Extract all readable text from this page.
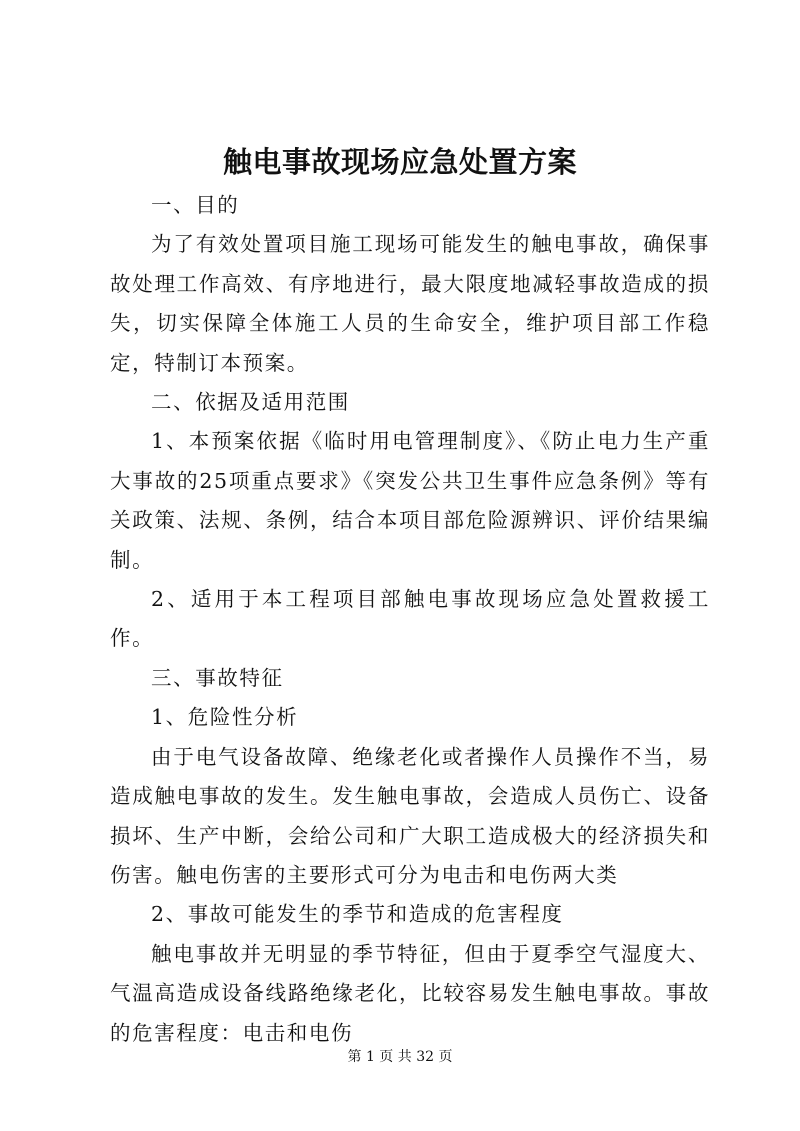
触电事故现场应急处置方案

一、目的

为了有效处置项目施工现场可能发生的触电事故，确保事故处理工作高效、有序地进行，最大限度地减轻事故造成的损失，切实保障全体施工人员的生命安全，维护项目部工作稳定，特制订本预案。

二、依据及适用范围

1、本预案依据《临时用电管理制度》、《防止电力生产重大事故的25项重点要求》《突发公共卫生事件应急条例》等有关政策、法规、条例，结合本项目部危险源辨识、评价结果编制。

2、适用于本工程项目部触电事故现场应急处置救援工作。

三、事故特征

1、危险性分析

由于电气设备故障、绝缘老化或者操作人员操作不当，易造成触电事故的发生。发生触电事故，会造成人员伤亡、设备损坏、生产中断，会给公司和广大职工造成极大的经济损失和伤害。触电伤害的主要形式可分为电击和电伤两大类

2、事故可能发生的季节和造成的危害程度

触电事故并无明显的季节特征，但由于夏季空气湿度大、气温高造成设备线路绝缘老化，比较容易发生触电事故。事故的危害程度：电击和电伤

第 1 页 共 32 页
